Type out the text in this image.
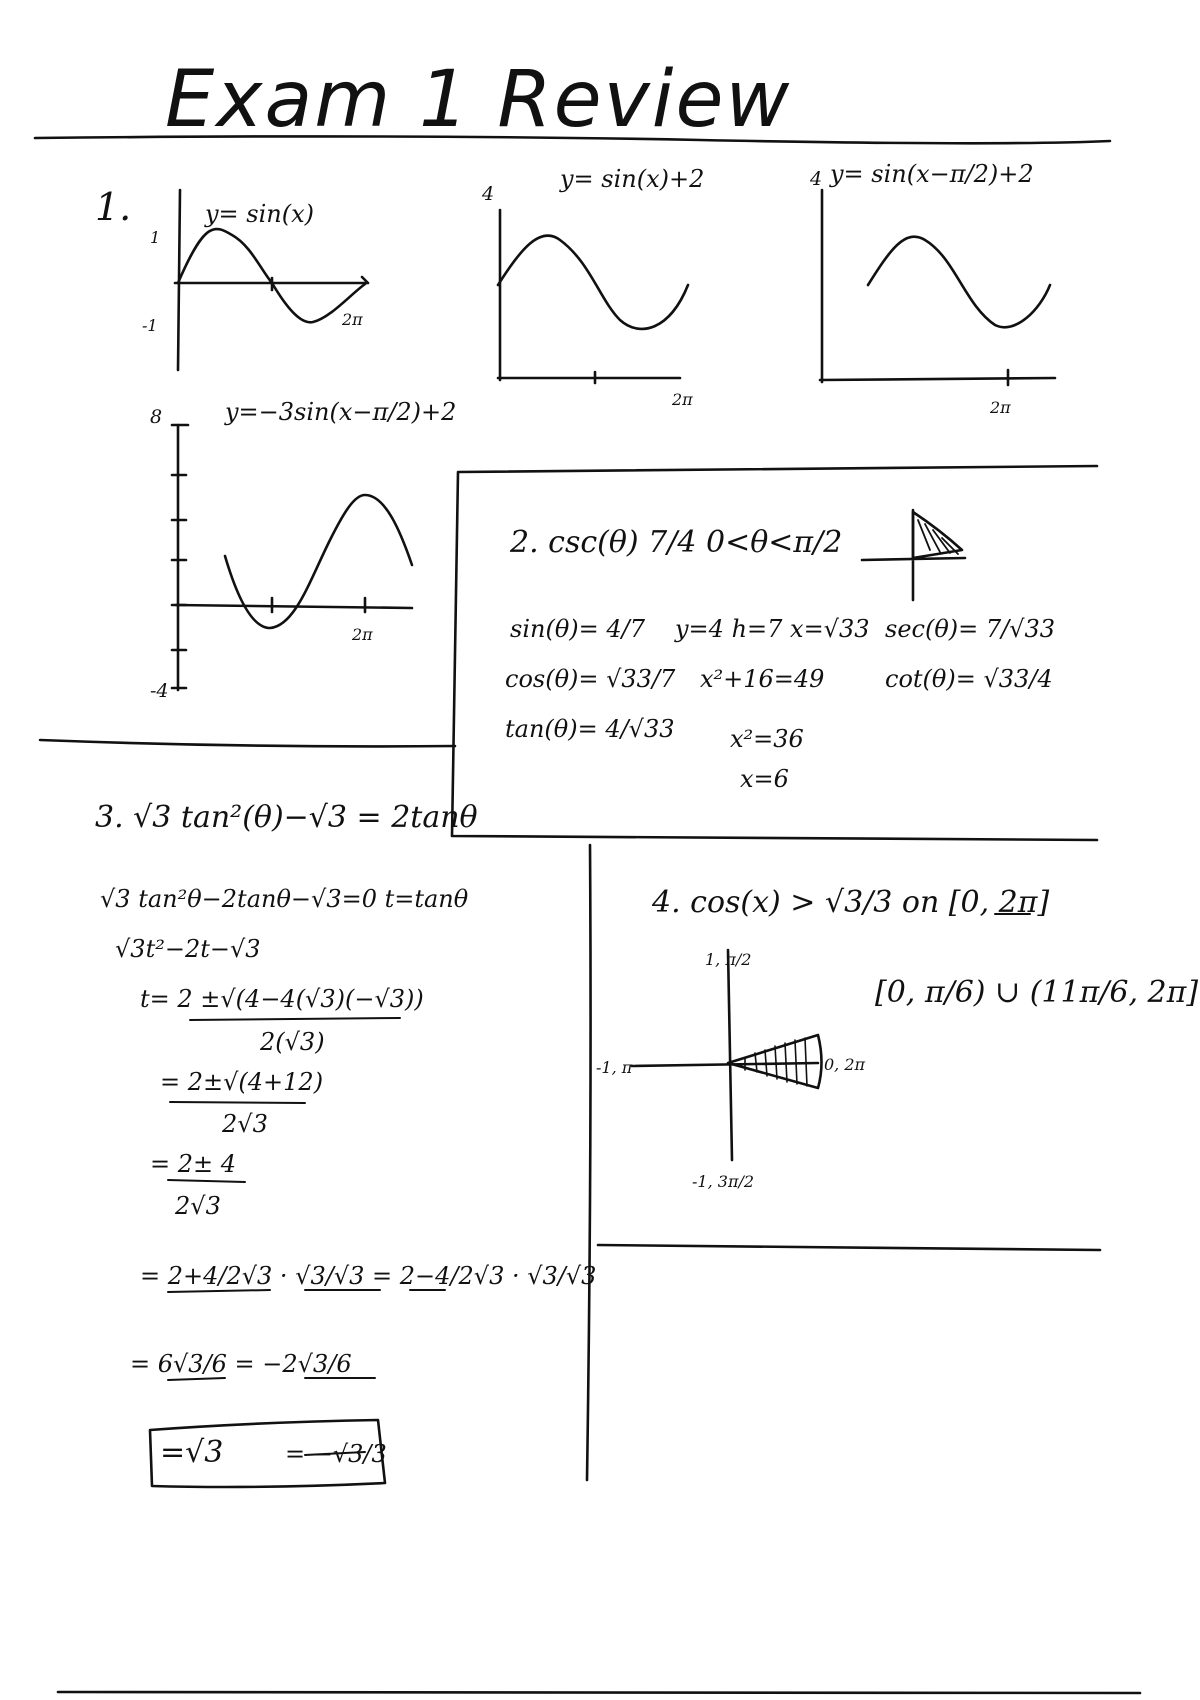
Exam 1 Review
1.	y= sin(x)
1
-1	2π
y= sin(x)+2
4
2π
y= sin(x−π/2)+2
4
2π
y=−3sin(x−π/2)+2
8
-4
2π
2. csc(θ) 7/4 0<θ<π/2
sin(θ)= 4/7
cos(θ)= √33/7
tan(θ)= 4/√33
y=4 h=7 x=√33
x²+16=49
x²=36
x=6
sec(θ)= 7/√33
cot(θ)= √33/4
3. √3 tan²(θ)−√3 = 2tanθ
√3 tan²θ−2tanθ−√3=0 t=tanθ
√3t²−2t−√3
t= 2 ±√(4−4(√3)(−√3))
2(√3)
= 2±√(4+12)
2√3
= 2± 4
2√3
= 2+4/2√3 · √3/√3 = 2−4/2√3 · √3/√3
= 6√3/6 = −2√3/6
=√3	= −√3/3
4. cos(x) > √3/3 on [0, 2π]
[0, π/6) ∪ (11π/6, 2π]
1, π/2
-1, π	0, 2π
-1, 3π/2
